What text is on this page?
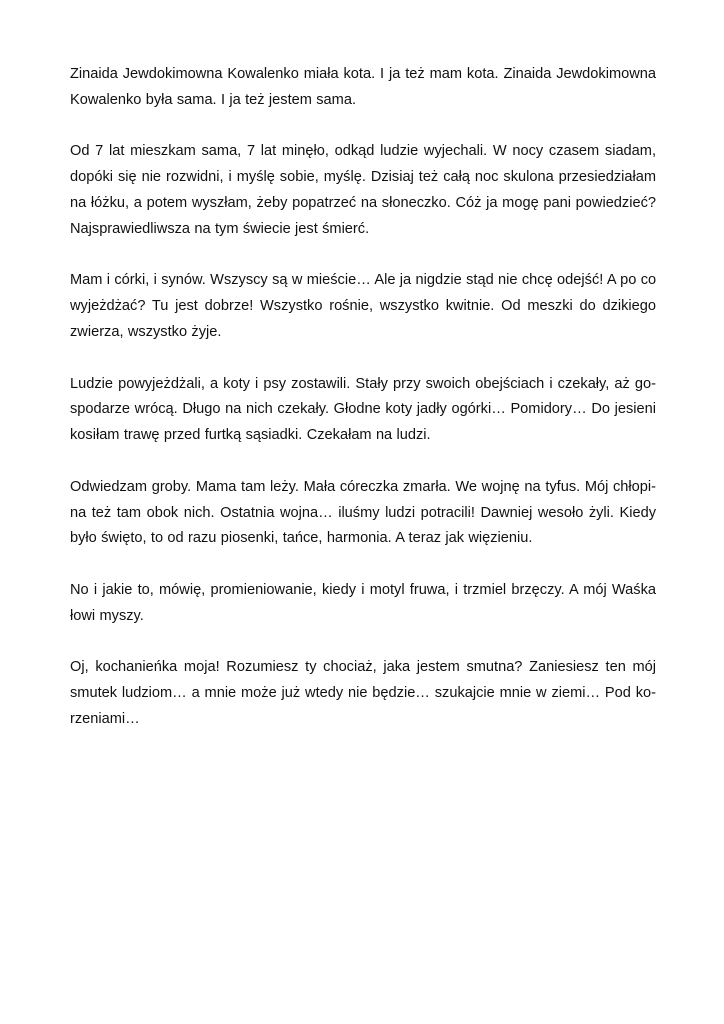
Zinaida Jewdokimowna Kowalenko miała kota. I ja też mam kota. Zinaida Jewdokimowna
Kowalenko była sama. I ja też jestem sama.

Od 7 lat mieszkam sama, 7 lat minęło, odkąd ludzie wyjechali. W nocy czasem siadam,
dopóki się nie rozwidni, i myślę sobie, myślę. Dzisiaj też całą noc skulona przesiedziałam
na łóżku, a potem wyszłam, żeby popatrzeć na słoneczko. Cóż ja mogę pani powiedzieć?
Najsprawiedliwsza na tym świecie jest śmierć.

Mam i córki, i synów. Wszyscy są w mieście… Ale ja nigdzie stąd nie chcę odejść! A po co
wyjeżdżać? Tu jest dobrze! Wszystko rośnie, wszystko kwitnie. Od meszki do dzikiego
zwierza, wszystko żyje.

Ludzie powyjeżdżali, a koty i psy zostawili. Stały przy swoich obejściach i czekały, aż go-
spodarze wrócą. Długo na nich czekały. Głodne koty jadły ogórki… Pomidory… Do jesieni
kosiłam trawę przed furtką sąsiadki. Czekałam na ludzi.

Odwiedzam groby. Mama tam leży. Mała córeczka zmarła. We wojnę na tyfus. Mój chłopi-
na też tam obok nich. Ostatnia wojna… iluśmy ludzi potracili! Dawniej wesoło żyli. Kiedy
było święto, to od razu piosenki, tańce, harmonia. A teraz jak więzieniu.

No i jakie to, mówię, promieniowanie, kiedy i motyl fruwa, i trzmiel brzęczy. A mój Waśka
łowi myszy.

Oj, kochanieńka moja! Rozumiesz ty chociaż, jaka jestem smutna? Zaniesiesz ten mój
smutek ludziom… a mnie może już wtedy nie będzie… szukajcie mnie w ziemi… Pod ko-
rzeniami…
